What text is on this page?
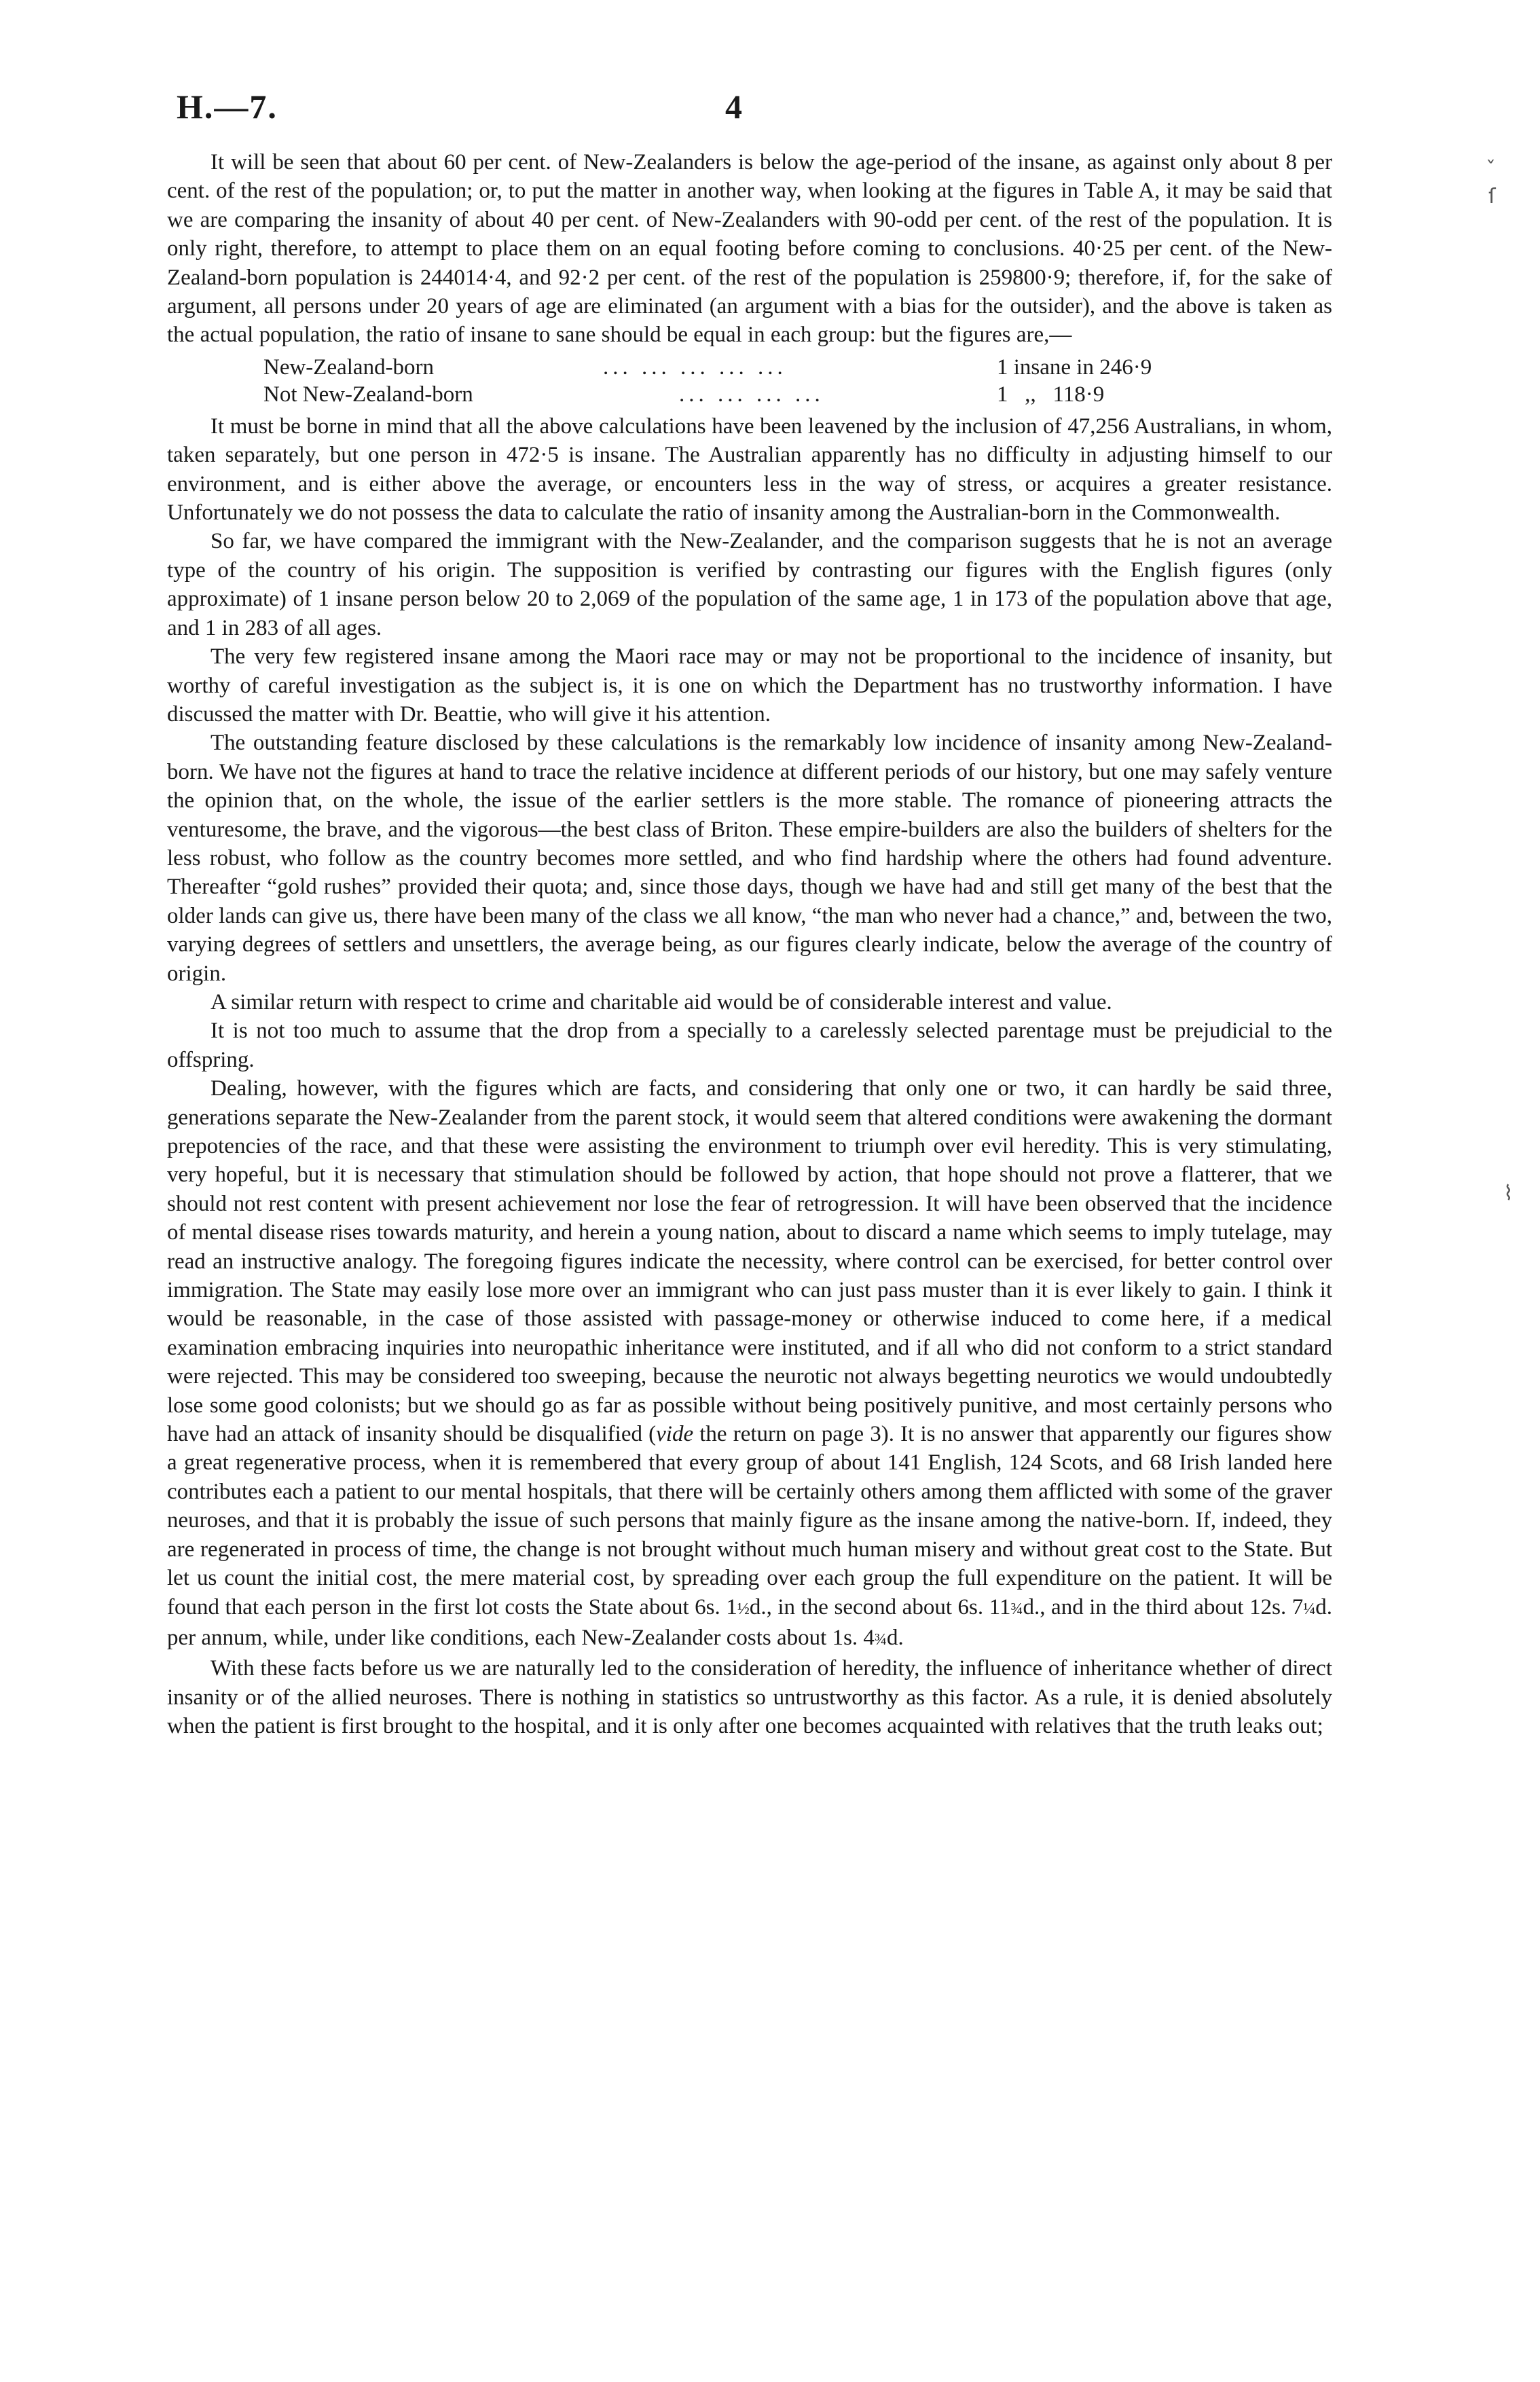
H.—7.	4
ˇ
ſ
⌇

It will be seen that about 60 per cent. of New-Zealanders is below the age-period of the insane, as against only about 8 per cent. of the rest of the population; or, to put the matter in another way, when looking at the figures in Table A, it may be said that we are comparing the insanity of about 40 per cent. of New-Zealanders with 90-odd per cent. of the rest of the population. It is only right, therefore, to attempt to place them on an equal footing before coming to conclusions. 40·25 per cent. of the New-Zealand-born population is 244014·4, and 92·2 per cent. of the rest of the population is 259800·9; therefore, if, for the sake of argument, all persons under 20 years of age are eliminated (an argument with a bias for the outsider), and the above is taken as the actual population, the ratio of insane to sane should be equal in each group: but the figures are,—

New-Zealand-born	... ... ... ... ...	1 insane in 246·9
Not New-Zealand-born	... ... ... ...	1   ,,   118·9

It must be borne in mind that all the above calculations have been leavened by the inclusion of 47,256 Australians, in whom, taken separately, but one person in 472·5 is insane. The Australian apparently has no difficulty in adjusting himself to our environment, and is either above the average, or encounters less in the way of stress, or acquires a greater resistance. Unfortunately we do not possess the data to calculate the ratio of insanity among the Australian-born in the Commonwealth.

So far, we have compared the immigrant with the New-Zealander, and the comparison suggests that he is not an average type of the country of his origin. The supposition is verified by contrasting our figures with the English figures (only approximate) of 1 insane person below 20 to 2,069 of the population of the same age, 1 in 173 of the population above that age, and 1 in 283 of all ages.

The very few registered insane among the Maori race may or may not be proportional to the incidence of insanity, but worthy of careful investigation as the subject is, it is one on which the Department has no trustworthy information. I have discussed the matter with Dr. Beattie, who will give it his attention.

The outstanding feature disclosed by these calculations is the remarkably low incidence of insanity among New-Zealand-born. We have not the figures at hand to trace the relative incidence at different periods of our history, but one may safely venture the opinion that, on the whole, the issue of the earlier settlers is the more stable. The romance of pioneering attracts the venturesome, the brave, and the vigorous—the best class of Briton. These empire-builders are also the builders of shelters for the less robust, who follow as the country becomes more settled, and who find hardship where the others had found adventure. Thereafter “gold rushes” provided their quota; and, since those days, though we have had and still get many of the best that the older lands can give us, there have been many of the class we all know, “the man who never had a chance,” and, between the two, varying degrees of settlers and unsettlers, the average being, as our figures clearly indicate, below the average of the country of origin.

A similar return with respect to crime and charitable aid would be of considerable interest and value.

It is not too much to assume that the drop from a specially to a carelessly selected parentage must be prejudicial to the offspring.

Dealing, however, with the figures which are facts, and considering that only one or two, it can hardly be said three, generations separate the New-Zealander from the parent stock, it would seem that altered conditions were awakening the dormant prepotencies of the race, and that these were assisting the environment to triumph over evil heredity. This is very stimulating, very hopeful, but it is necessary that stimulation should be followed by action, that hope should not prove a flatterer, that we should not rest content with present achievement nor lose the fear of retrogression. It will have been observed that the incidence of mental disease rises towards maturity, and herein a young nation, about to discard a name which seems to imply tutelage, may read an instructive analogy. The foregoing figures indicate the necessity, where control can be exercised, for better control over immigration. The State may easily lose more over an immigrant who can just pass muster than it is ever likely to gain. I think it would be reasonable, in the case of those assisted with passage-money or otherwise induced to come here, if a medical examination embracing inquiries into neuropathic inheritance were instituted, and if all who did not conform to a strict standard were rejected. This may be considered too sweeping, because the neurotic not always begetting neurotics we would undoubtedly lose some good colonists; but we should go as far as possible without being positively punitive, and most certainly persons who have had an attack of insanity should be disqualified (vide the return on page 3). It is no answer that apparently our figures show a great regenerative process, when it is remembered that every group of about 141 English, 124 Scots, and 68 Irish landed here contributes each a patient to our mental hospitals, that there will be certainly others among them afflicted with some of the graver neuroses, and that it is probably the issue of such persons that mainly figure as the insane among the native-born. If, indeed, they are regenerated in process of time, the change is not brought without much human misery and without great cost to the State. But let us count the initial cost, the mere material cost, by spreading over each group the full expenditure on the patient. It will be found that each person in the first lot costs the State about 6s. 1½d., in the second about 6s. 11¾d., and in the third about 12s. 7¼d. per annum, while, under like conditions, each New-Zealander costs about 1s. 4¾d.

With these facts before us we are naturally led to the consideration of heredity, the influence of inheritance whether of direct insanity or of the allied neuroses. There is nothing in statistics so untrustworthy as this factor. As a rule, it is denied absolutely when the patient is first brought to the hospital, and it is only after one becomes acquainted with relatives that the truth leaks out;
